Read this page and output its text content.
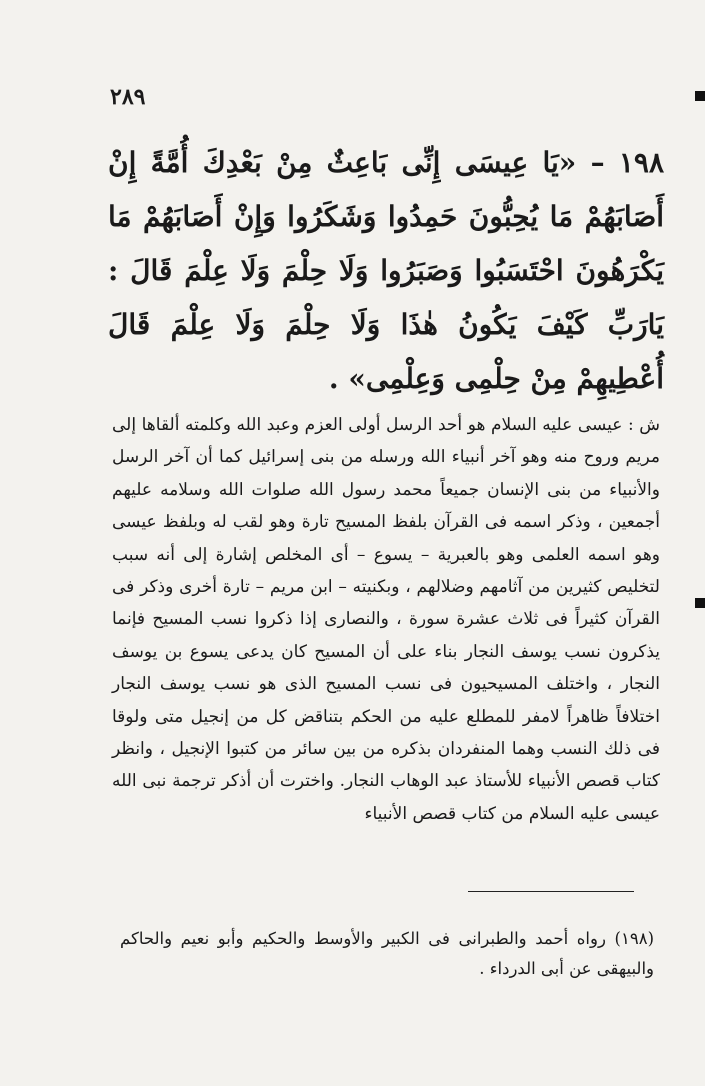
٢٨٩

١٩٨ – «يَا عِيسَى إِنِّى بَاعِثٌ مِنْ بَعْدِكَ أُمَّةً إِنْ أَصَابَهُمْ مَا يُحِبُّونَ حَمِدُوا وَشَكَرُوا وَإِنْ أَصَابَهُمْ مَا يَكْرَهُونَ احْتَسَبُوا وَصَبَرُوا وَلَا حِلْمَ وَلَا عِلْمَ قَالَ : يَارَبِّ كَيْفَ يَكُونُ هٰذَا وَلَا حِلْمَ وَلَا عِلْمَ قَالَ أُعْطِيهِمْ مِنْ حِلْمِى وَعِلْمِى» .

ش : عيسى عليه السلام هو أحد الرسل أولى العزم وعبد الله وكلمته ألقاها إلى مريم وروح منه وهو آخر أنبياء الله ورسله من بنى إسرائيل كما أن آخر الرسل والأنبياء من بنى الإنسان جميعاً محمد رسول الله صلوات الله وسلامه عليهم أجمعين ، وذكر اسمه فى القرآن بلفظ المسيح تارة وهو لقب له وبلفظ عيسى وهو اسمه العلمى وهو بالعبرية – يسوع – أى المخلص إشارة إلى أنه سبب لتخليص كثيرين من آثامهم وضلالهم ، وبكنيته – ابن مريم – تارة أخرى وذكر فى القرآن كثيراً فى ثلاث عشرة سورة ، والنصارى إذا ذكروا نسب المسيح فإنما يذكرون نسب يوسف النجار بناء على أن المسيح كان يدعى يسوع بن يوسف النجار ، واختلف المسيحيون فى نسب المسيح الذى هو نسب يوسف النجار اختلافاً ظاهراً لامفر للمطلع عليه من الحكم بتناقض كل من إنجيل متى ولوقا فى ذلك النسب وهما المنفردان بذكره من بين سائر من كتبوا الإنجيل ، وانظر كتاب قصص الأنبياء للأستاذ عبد الوهاب النجار. واخترت أن أذكر ترجمة نبى الله عيسى عليه السلام من كتاب قصص الأنبياء

(١٩٨) رواه أحمد والطبرانى فى الكبير والأوسط والحكيم وأبو نعيم والحاكم والبيهقى عن أبى الدرداء .
